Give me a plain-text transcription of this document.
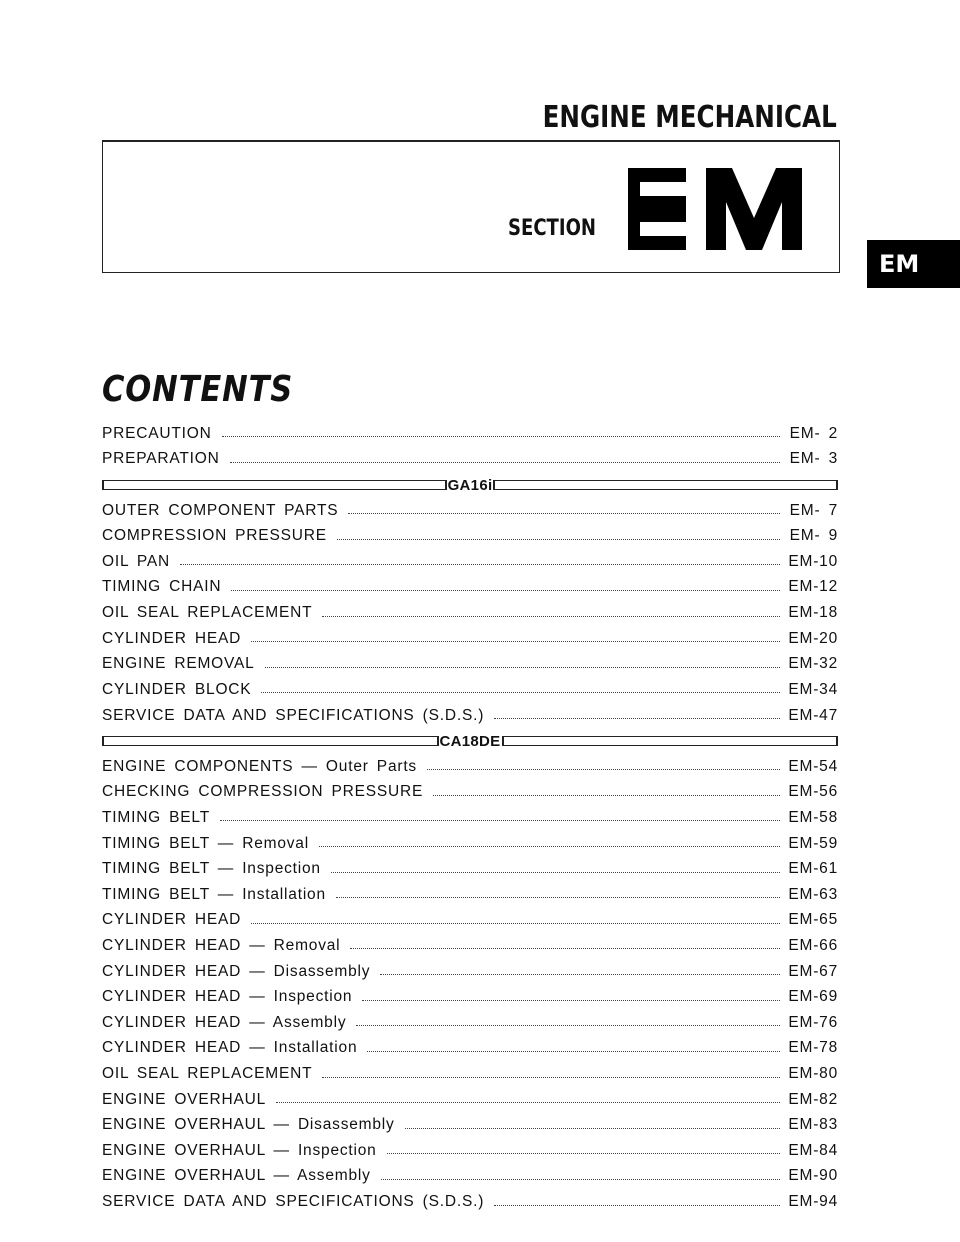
ENGINE MECHANICAL
SECTION
EM
EM
CONTENTS
PRECAUTION	EM- 2
PREPARATION	EM- 3
GA16i
OUTER COMPONENT PARTS	EM- 7
COMPRESSION PRESSURE	EM- 9
OIL PAN	EM-10
TIMING CHAIN	EM-12
OIL SEAL REPLACEMENT	EM-18
CYLINDER HEAD	EM-20
ENGINE REMOVAL	EM-32
CYLINDER BLOCK	EM-34
SERVICE DATA AND SPECIFICATIONS (S.D.S.)	EM-47
CA18DE
ENGINE COMPONENTS — Outer Parts	EM-54
CHECKING COMPRESSION PRESSURE	EM-56
TIMING BELT	EM-58
TIMING BELT — Removal	EM-59
TIMING BELT — Inspection	EM-61
TIMING BELT — Installation	EM-63
CYLINDER HEAD	EM-65
CYLINDER HEAD — Removal	EM-66
CYLINDER HEAD — Disassembly	EM-67
CYLINDER HEAD — Inspection	EM-69
CYLINDER HEAD — Assembly	EM-76
CYLINDER HEAD — Installation	EM-78
OIL SEAL REPLACEMENT	EM-80
ENGINE OVERHAUL	EM-82
ENGINE OVERHAUL — Disassembly	EM-83
ENGINE OVERHAUL — Inspection	EM-84
ENGINE OVERHAUL — Assembly	EM-90
SERVICE DATA AND SPECIFICATIONS (S.D.S.)	EM-94
